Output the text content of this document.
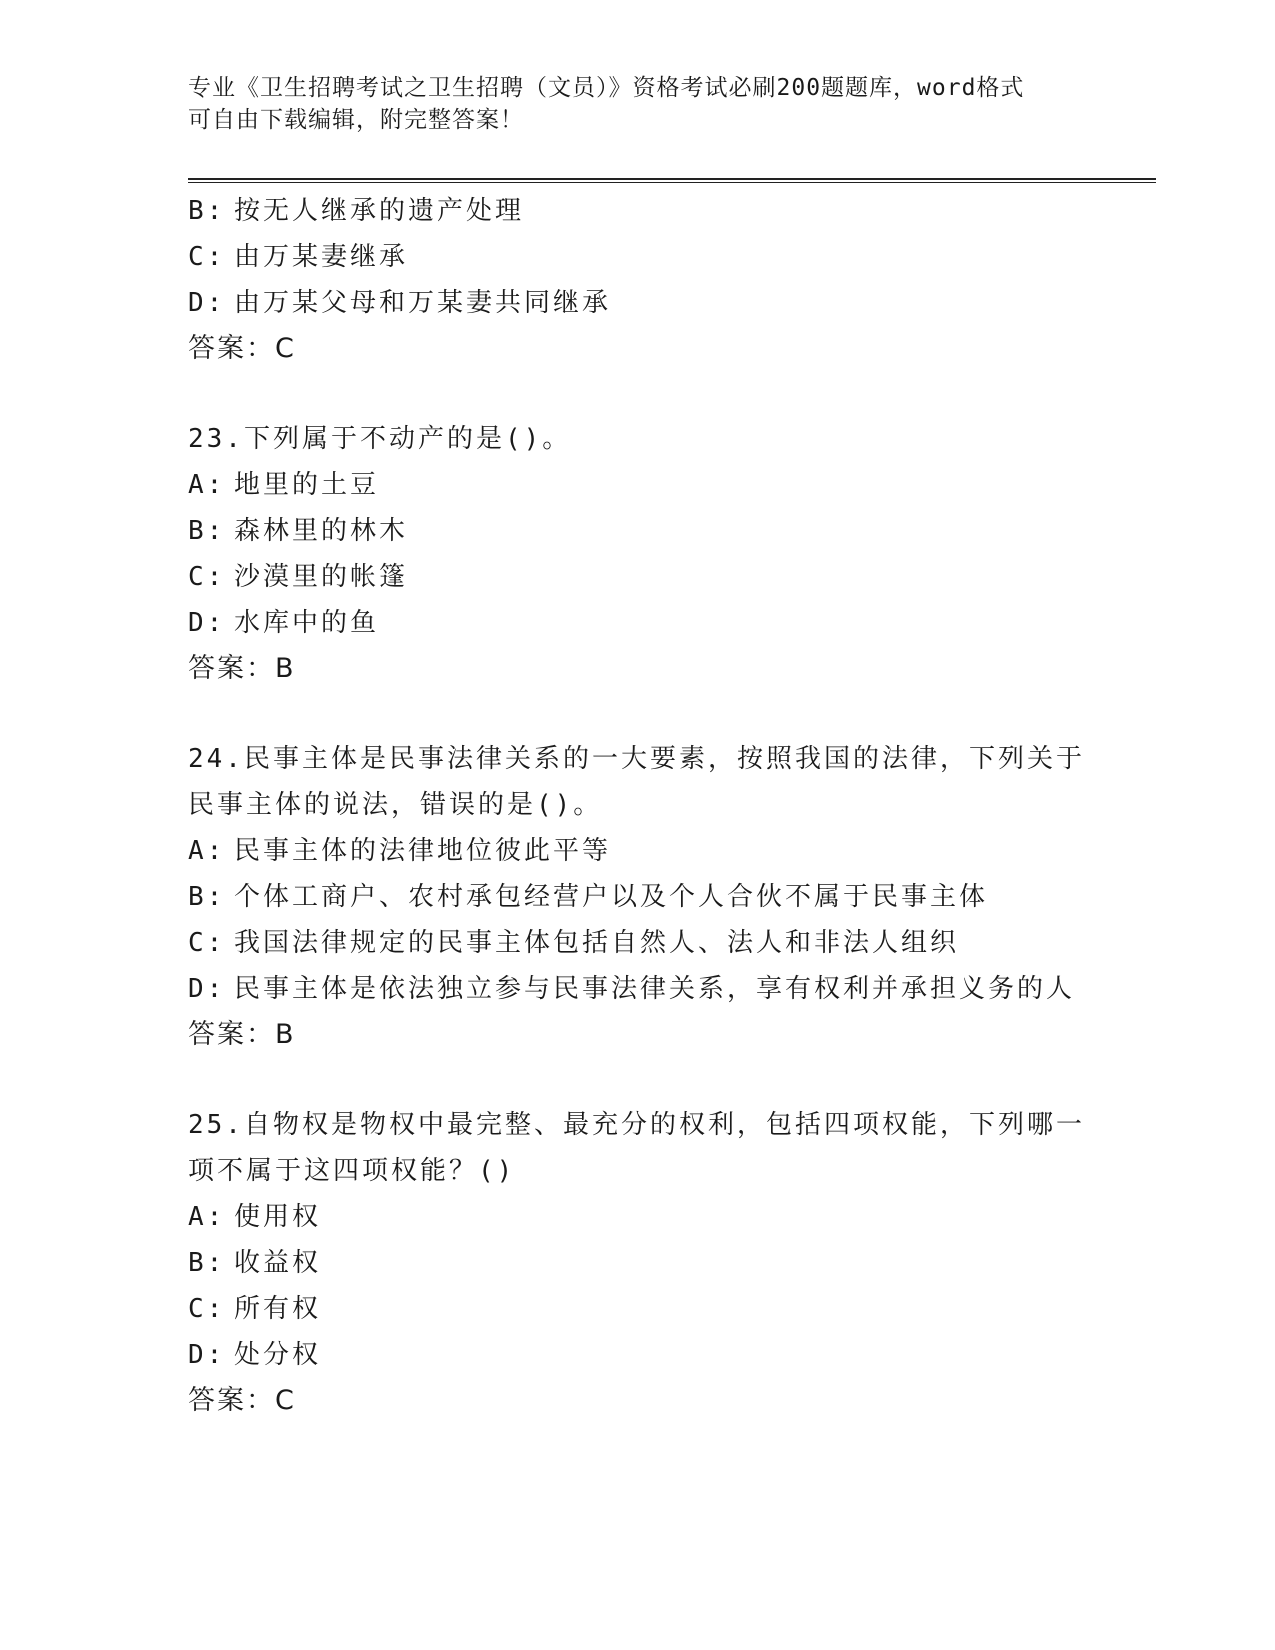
专业《卫生招聘考试之卫生招聘（文员）》资格考试必刷200题题库，word格式
可自由下载编辑，附完整答案！
B: 按无人继承的遗产处理
C: 由万某妻继承
D: 由万某父母和万某妻共同继承
答案：C
23.下列属于不动产的是()。
A: 地里的土豆
B: 森林里的林木
C: 沙漠里的帐篷
D: 水库中的鱼
答案：B
24.民事主体是民事法律关系的一大要素，按照我国的法律，下列关于
民事主体的说法，错误的是()。
A: 民事主体的法律地位彼此平等
B: 个体工商户、农村承包经营户以及个人合伙不属于民事主体
C: 我国法律规定的民事主体包括自然人、法人和非法人组织
D: 民事主体是依法独立参与民事法律关系，享有权利并承担义务的人
答案：B
25.自物权是物权中最完整、最充分的权利，包括四项权能，下列哪一
项不属于这四项权能？()
A: 使用权
B: 收益权
C: 所有权
D: 处分权
答案：C
